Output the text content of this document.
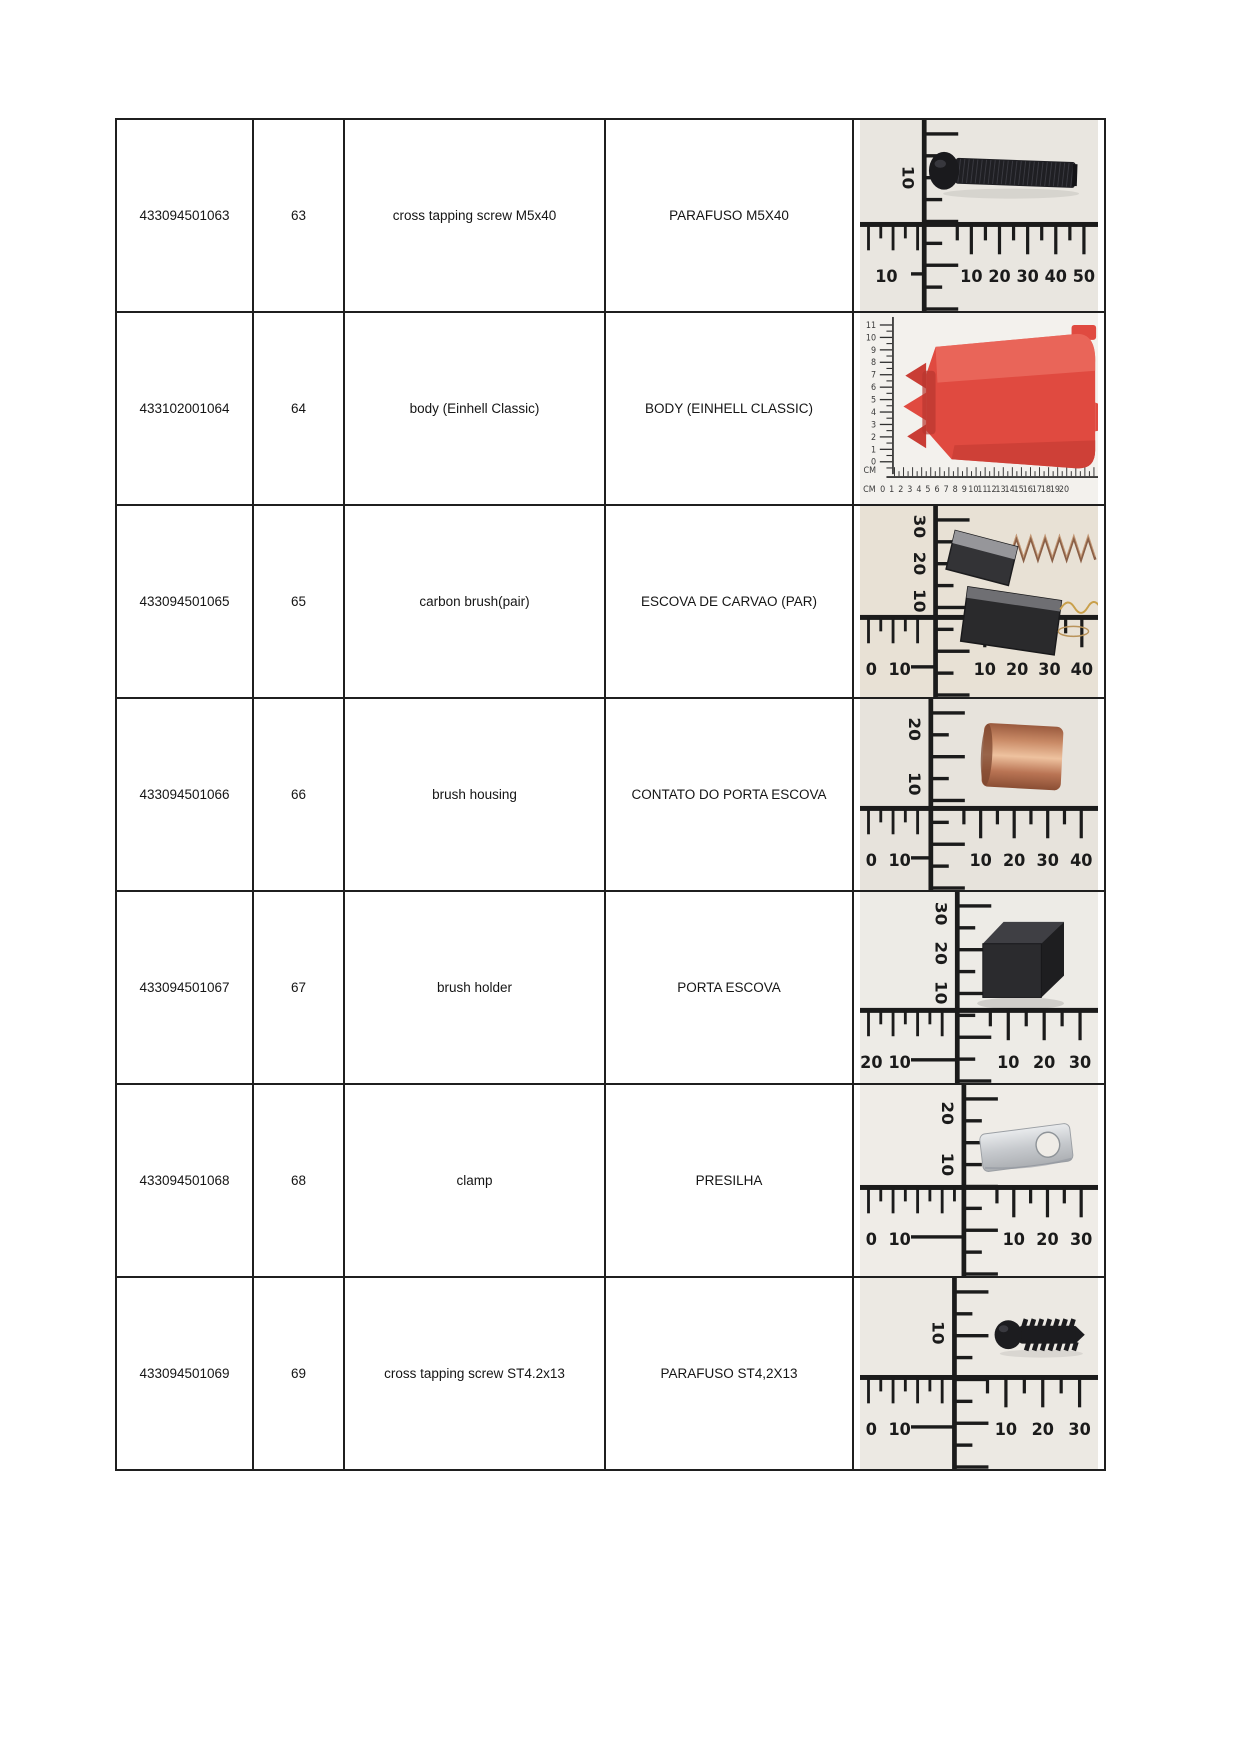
433094501063	63	cross tapping screw M5x40	PARAFUSO M5X40	
10
10 20 30 40 50
10

433102001064	64	body (Einhell Classic)	BODY (EINHELL CLASSIC)	
11
10
9
8
7
6
5
4
3
2
1
0
CM
CM 0 1 2 3 4 5 6 7 8 9 10
11
12
13
14
15
16
17
18
19
20

433094501065	65	carbon brush(pair)	ESCOVA DE CARVAO (PAR)	
30
20
10
10 20 30 40
0 10

433094501066	66	brush housing	CONTATO DO PORTA ESCOVA	
20
10
10 20 30 40
0 10

433094501067	67	brush holder	PORTA ESCOVA	
30
20
10
10 20 30
20 10

433094501068	68	clamp	PRESILHA	
20
10
10 20 30
0 10

433094501069	69	cross tapping screw ST4.2x13	PARAFUSO ST4,2X13	
10
10 20 30
0 10
